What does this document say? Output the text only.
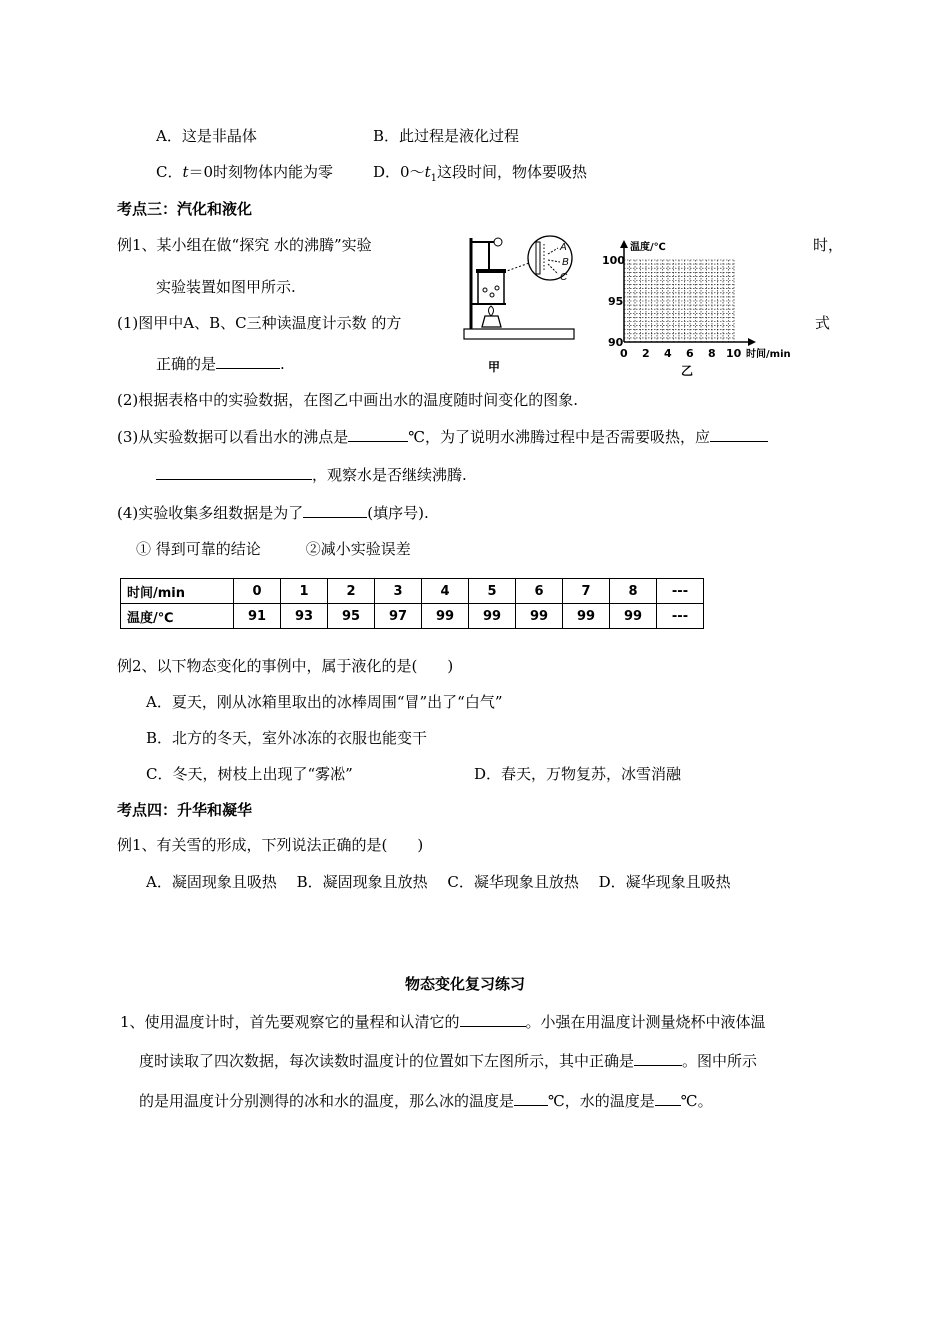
A．这是非晶体	B．此过程是液化过程
C．t＝0时刻物体内能为零	D．$0\sim t_1$这段时间，物体要吸热
考点三：汽化和液化
例1、某小组在做“探究 水的沸腾”实验	时，
实验装置如图甲所示.
(1)图甲中A、B、C三种读温度计示数 的方	式
正确的是	.
A
B
C
甲
温度/℃
时间/min
100
95
90
0 2 4 6 8 10
乙
(2)根据表格中的实验数据，在图乙中画出水的温度随时间变化的图象.
(3)从实验数据可以看出水的沸点是	℃，为了说明水沸腾过程中是否需要吸热，应
，观察水是否继续沸腾.
(4)实验收集多组数据是为了	(填序号).
① 得到可靠的结论　　　②减小实验误差
时间/min	0	1	2	3	4	5	6	7	8	---
温度/℃	91	93	95	97	99	99	99	99	99	---
例2、以下物态变化的事例中，属于液化的是(　　)
A．夏天，刚从冰箱里取出的冰棒周围“冒”出了“白气”
B．北方的冬天，室外冰冻的衣服也能变干
C．冬天，树枝上出现了“雾凇”	D．春天，万物复苏，冰雪消融
考点四：升华和凝华
例1、有关雪的形成，下列说法正确的是(　　)
A．凝固现象且吸热　 B．凝固现象且放热　 C．凝华现象且放热　 D．凝华现象且吸热
物态变化复习练习
1、使用温度计时，首先要观察它的量程和认清它的	。小强在用温度计测量烧杯中液体温
度时读取了四次数据，每次读数时温度计的位置如下左图所示，其中正确是	。图中所示
的是用温度计分别测得的冰和水的温度，那么冰的温度是 ℃，水的温度是 ℃。
